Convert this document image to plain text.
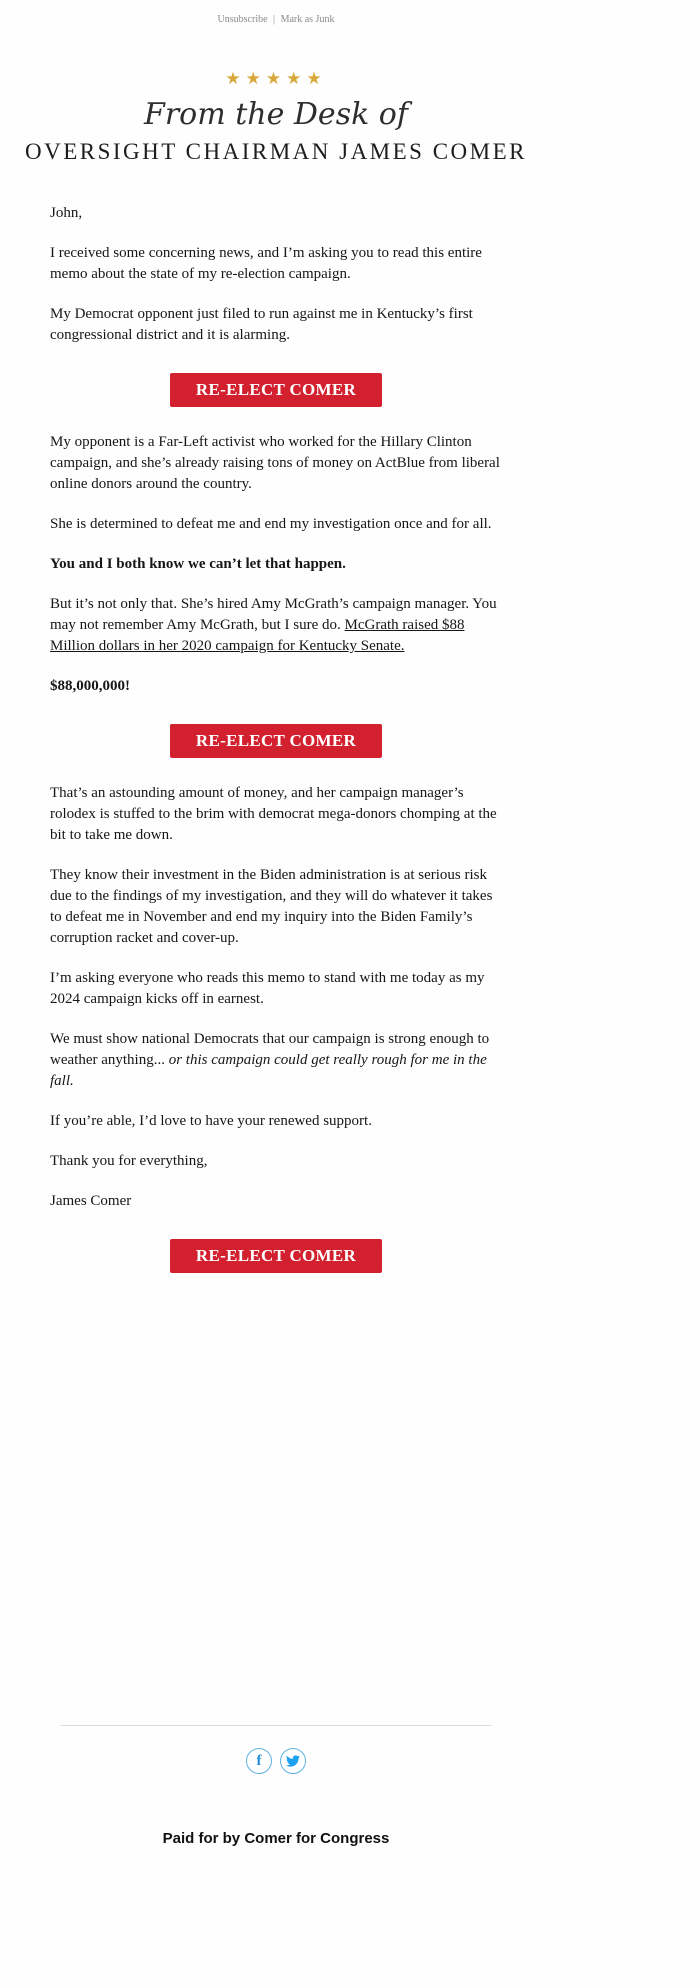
Unsubscribe | Mark as Junk
★★★★★
From the Desk of
OVERSIGHT CHAIRMAN JAMES COMER

John,

I received some concerning news, and I’m asking you to read this entire memo about the state of my re-election campaign.

My Democrat opponent just filed to run against me in Kentucky’s first congressional district and it is alarming.

RE-ELECT COMER

My opponent is a Far-Left activist who worked for the Hillary Clinton campaign, and she’s already raising tons of money on ActBlue from liberal online donors around the country.

She is determined to defeat me and end my investigation once and for all.

You and I both know we can’t let that happen.

But it’s not only that. She’s hired Amy McGrath’s campaign manager. You may not remember Amy McGrath, but I sure do. McGrath raised $88 Million dollars in her 2020 campaign for Kentucky Senate.

$88,000,000!

RE-ELECT COMER

That’s an astounding amount of money, and her campaign manager’s rolodex is stuffed to the brim with democrat mega-donors chomping at the bit to take me down.

They know their investment in the Biden administration is at serious risk due to the findings of my investigation, and they will do whatever it takes to defeat me in November and end my inquiry into the Biden Family’s corruption racket and cover-up.

I’m asking everyone who reads this memo to stand with me today as my 2024 campaign kicks off in earnest.

We must show national Democrats that our campaign is strong enough to weather anything... or this campaign could get really rough for me in the fall.

If you’re able, I’d love to have your renewed support.

Thank you for everything,

James Comer

RE-ELECT COMER
f
Paid for by Comer for Congress
